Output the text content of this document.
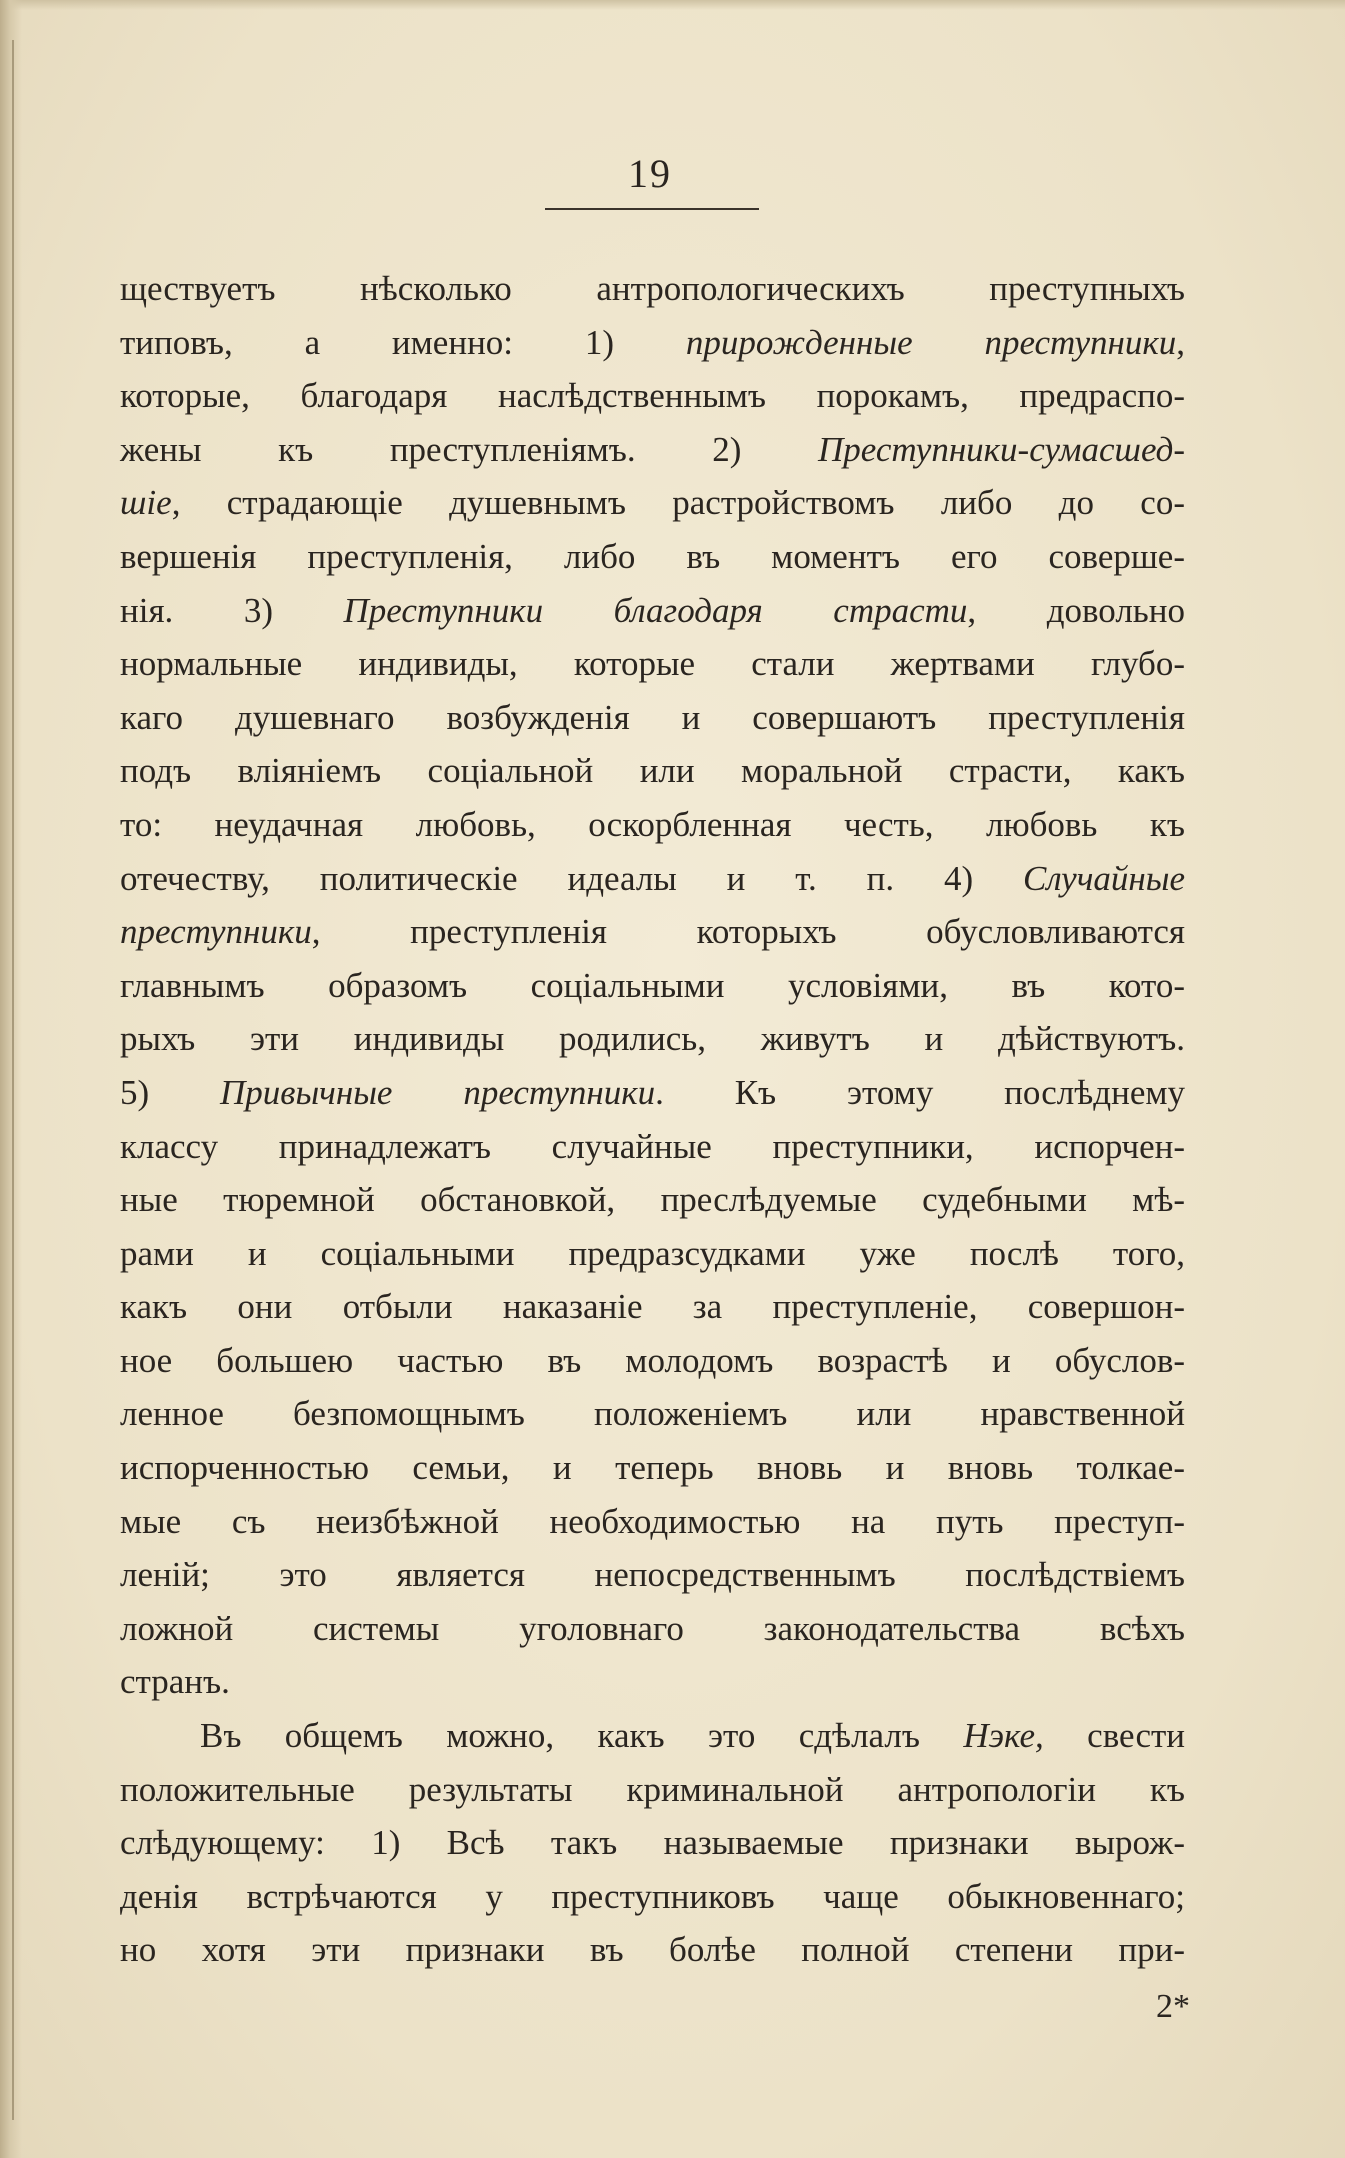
19
ществуетъ нѣсколько антропологическихъ преступныхъ
типовъ, а именно: 1) прирожденные преступники,
которые, благодаря наслѣдственнымъ порокамъ, предраспо-
жены къ преступленіямъ. 2) Преступники-сумасшед-
шіе, страдающіе душевнымъ растройствомъ либо до со-
вершенія преступленія, либо въ моментъ его соверше-
нія. 3) Преступники благодаря страсти, довольно
нормальные индивиды, которые стали жертвами глубо-
каго душевнаго возбужденія и совершаютъ преступленія
подъ вліяніемъ соціальной или моральной страсти, какъ
то: неудачная любовь, оскорбленная честь, любовь къ
отечеству, политическіе идеалы и т. п. 4) Случайные
преступники, преступленія которыхъ обусловливаются
главнымъ образомъ соціальными условіями, въ кото-
рыхъ эти индивиды родились, живутъ и дѣйствуютъ.
5) Привычные преступники. Къ этому послѣднему
классу принадлежатъ случайные преступники, испорчен-
ные тюремной обстановкой, преслѣдуемые судебными мѣ-
рами и соціальными предразсудками уже послѣ того,
какъ они отбыли наказаніе за преступленіе, совершон-
ное большею частью въ молодомъ возрастѣ и обуслов-
ленное безпомощнымъ положеніемъ или нравственной
испорченностью семьи, и теперь вновь и вновь толкае-
мые съ неизбѣжной необходимостью на путь преступ-
леній; это является непосредственнымъ послѣдствіемъ
ложной системы уголовнаго законодательства всѣхъ
странъ.
Въ общемъ можно, какъ это сдѣлалъ Нэке, свести
положительные результаты криминальной антропологіи къ
слѣдующему: 1) Всѣ такъ называемые признаки вырож-
денія встрѣчаются у преступниковъ чаще обыкновеннаго;
но хотя эти признаки въ болѣе полной степени при-
2*
